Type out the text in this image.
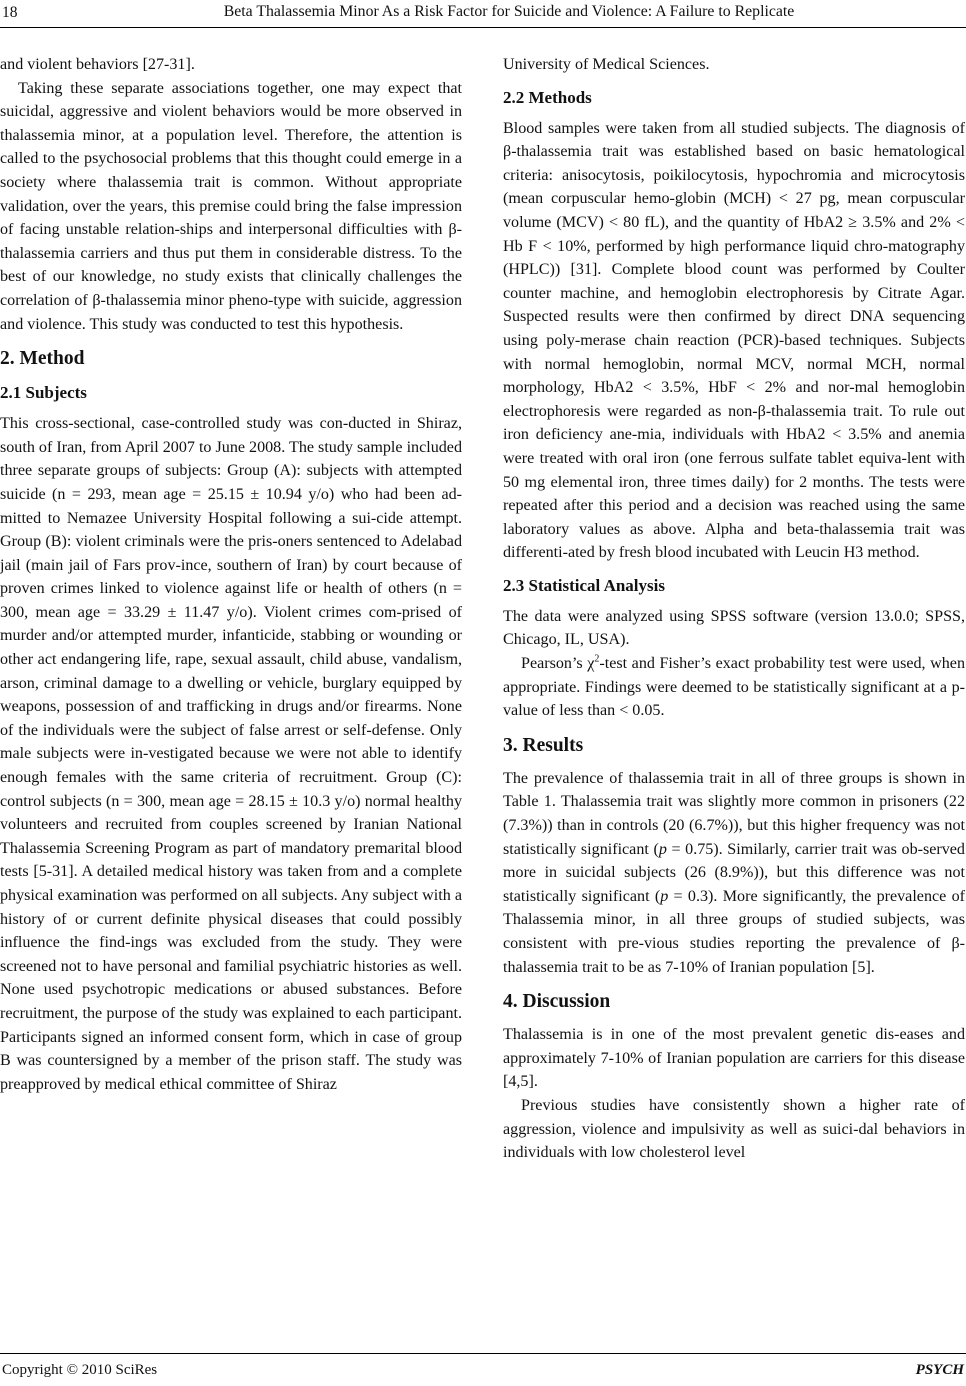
18	Beta Thalassemia Minor As a Risk Factor for Suicide and Violence: A Failure to Replicate

and violent behaviors [27-31].

Taking these separate associations together, one may expect that suicidal, aggressive and violent behaviors would be more observed in thalassemia minor, at a population level. Therefore, the attention is called to the psychosocial problems that this thought could emerge in a society where thalassemia trait is common. Without appropriate validation, over the years, this premise could bring the false impression of facing unstable relation-ships and interpersonal difficulties with β-thalassemia carriers and thus put them in considerable distress. To the best of our knowledge, no study exists that clinically challenges the correlation of β-thalassemia minor pheno-type with suicide, aggression and violence. This study was conducted to test this hypothesis.

2. Method
2.1 Subjects

This cross-sectional, case-controlled study was con-ducted in Shiraz, south of Iran, from April 2007 to June 2008. The study sample included three separate groups of subjects: Group (A): subjects with attempted suicide (n = 293, mean age = 25.15 ± 10.94 y/o) who had been ad-mitted to Nemazee University Hospital following a sui-cide attempt. Group (B): violent criminals were the pris-oners sentenced to Adelabad jail (main jail of Fars prov-ince, southern of Iran) by court because of proven crimes linked to violence against life or health of others (n = 300, mean age = 33.29 ± 11.47 y/o). Violent crimes com-prised of murder and/or attempted murder, infanticide, stabbing or wounding or other act endangering life, rape, sexual assault, child abuse, vandalism, arson, criminal damage to a dwelling or vehicle, burglary equipped by weapons, possession of and trafficking in drugs and/or firearms. None of the individuals were the subject of false arrest or self-defense. Only male subjects were in-vestigated because we were not able to identify enough females with the same criteria of recruitment. Group (C): control subjects (n = 300, mean age = 28.15 ± 10.3 y/o) normal healthy volunteers and recruited from couples screened by Iranian National Thalassemia Screening Program as part of mandatory premarital blood tests [5-31]. A detailed medical history was taken from and a complete physical examination was performed on all subjects. Any subject with a history of or current definite physical diseases that could possibly influence the find-ings was excluded from the study. They were screened not to have personal and familial psychiatric histories as well. None used psychotropic medications or abused substances. Before recruitment, the purpose of the study was explained to each participant. Participants signed an informed consent form, which in case of group B was countersigned by a member of the prison staff. The study was preapproved by medical ethical committee of Shiraz

University of Medical Sciences.

2.2 Methods

Blood samples were taken from all studied subjects. The diagnosis of β-thalassemia trait was established based on basic hematological criteria: anisocytosis, poikilocytosis, hypochromia and microcytosis (mean corpuscular hemo-globin (MCH) < 27 pg, mean corpuscular volume (MCV) < 80 fL), and the quantity of HbA2 ≥ 3.5% and 2% < Hb F < 10%, performed by high performance liquid chro-matography (HPLC)) [31]. Complete blood count was performed by Coulter counter machine, and hemoglobin electrophoresis by Citrate Agar. Suspected results were then confirmed by direct DNA sequencing using poly-merase chain reaction (PCR)-based techniques. Subjects with normal hemoglobin, normal MCV, normal MCH, normal morphology, HbA2 < 3.5%, HbF < 2% and nor-mal hemoglobin electrophoresis were regarded as non-β-thalassemia trait. To rule out iron deficiency ane-mia, individuals with HbA2 < 3.5% and anemia were treated with oral iron (one ferrous sulfate tablet equiva-lent with 50 mg elemental iron, three times daily) for 2 months. The tests were repeated after this period and a decision was reached using the same laboratory values as above. Alpha and beta-thalassemia trait was differenti-ated by fresh blood incubated with Leucin H3 method.

2.3 Statistical Analysis

The data were analyzed using SPSS software (version 13.0.0; SPSS, Chicago, IL, USA).

Pearson’s $\chi^2$-test and Fisher’s exact probability test were used, when appropriate. Findings were deemed to be statistically significant at a p-value of less than < 0.05.

3. Results

The prevalence of thalassemia trait in all of three groups is shown in Table 1. Thalassemia trait was slightly more common in prisoners (22 (7.3%)) than in controls (20 (6.7%)), but this higher frequency was not statistically significant (p = 0.75). Similarly, carrier trait was ob-served more in suicidal subjects (26 (8.9%)), but this difference was not statistically significant (p = 0.3). More significantly, the prevalence of Thalassemia minor, in all three groups of studied subjects, was consistent with pre-vious studies reporting the prevalence of β-thalassemia trait to be as 7-10% of Iranian population [5].

4. Discussion

Thalassemia is in one of the most prevalent genetic dis-eases and approximately 7-10% of Iranian population are carriers for this disease [4,5].

Previous studies have consistently shown a higher rate of aggression, violence and impulsivity as well as suici-dal behaviors in individuals with low cholesterol level

Copyright © 2010 SciRes	PSYCH
